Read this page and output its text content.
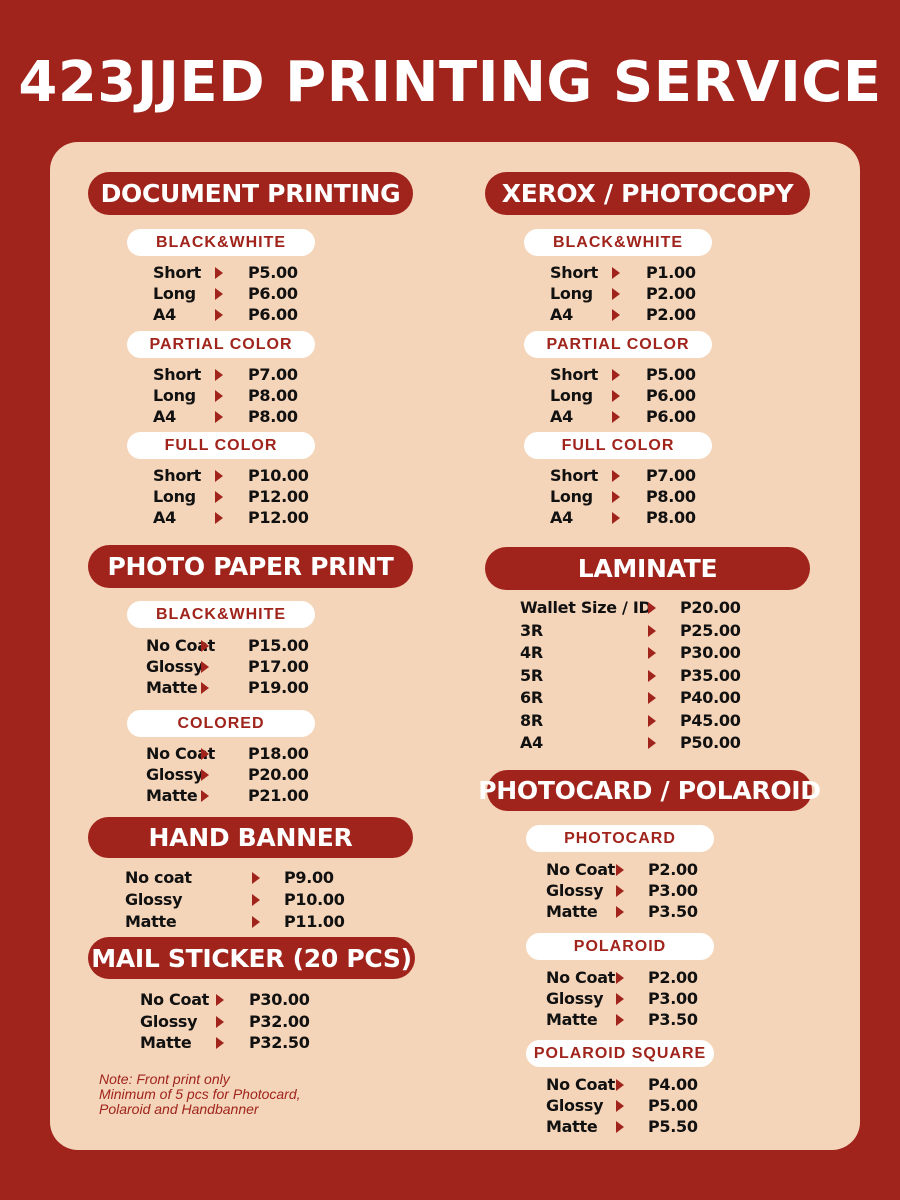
423JJED PRINTING SERVICE
DOCUMENT PRINTING	XEROX / PHOTOCOPY
PHOTO PAPER PRINT	LAMINATE
HAND BANNER
MAIL STICKER (20 PCS)
PHOTOCARD / POLAROID
BLACK&WHITE
PARTIAL COLOR
FULL COLOR
BLACK&WHITE
PARTIAL COLOR
FULL COLOR
BLACK&WHITE
COLORED
PHOTOCARD
POLAROID
POLAROID SQUARE
Short	P5.00
Long	P6.00
A4	P6.00
Short	P7.00
Long	P8.00
A4	P8.00
Short	P10.00
Long	P12.00
A4	P12.00
Short	P1.00
Long	P2.00
A4	P2.00
Short	P5.00
Long	P6.00
A4	P6.00
Short	P7.00
Long	P8.00
A4	P8.00
No Coat P15.00
Glossy	P17.00
Matte	P19.00
No Coat P18.00
Glossy	P20.00
Matte	P21.00
Wallet Size / ID P20.00
3R	P25.00
4R	P30.00
5R	P35.00
6R	P40.00
8R	P45.00
A4	P50.00
No coat	P9.00
Glossy	P10.00
Matte	P11.00
No Coat P30.00
Glossy	P32.00
Matte	P32.50
No Coat P2.00
Glossy	P3.00
Matte	P3.50
No Coat P2.00
Glossy	P3.00
Matte	P3.50
No Coat P4.00
Glossy	P5.00
Matte	P5.50
Note: Front print only
Minimum of 5 pcs for Photocard,
Polaroid and Handbanner
